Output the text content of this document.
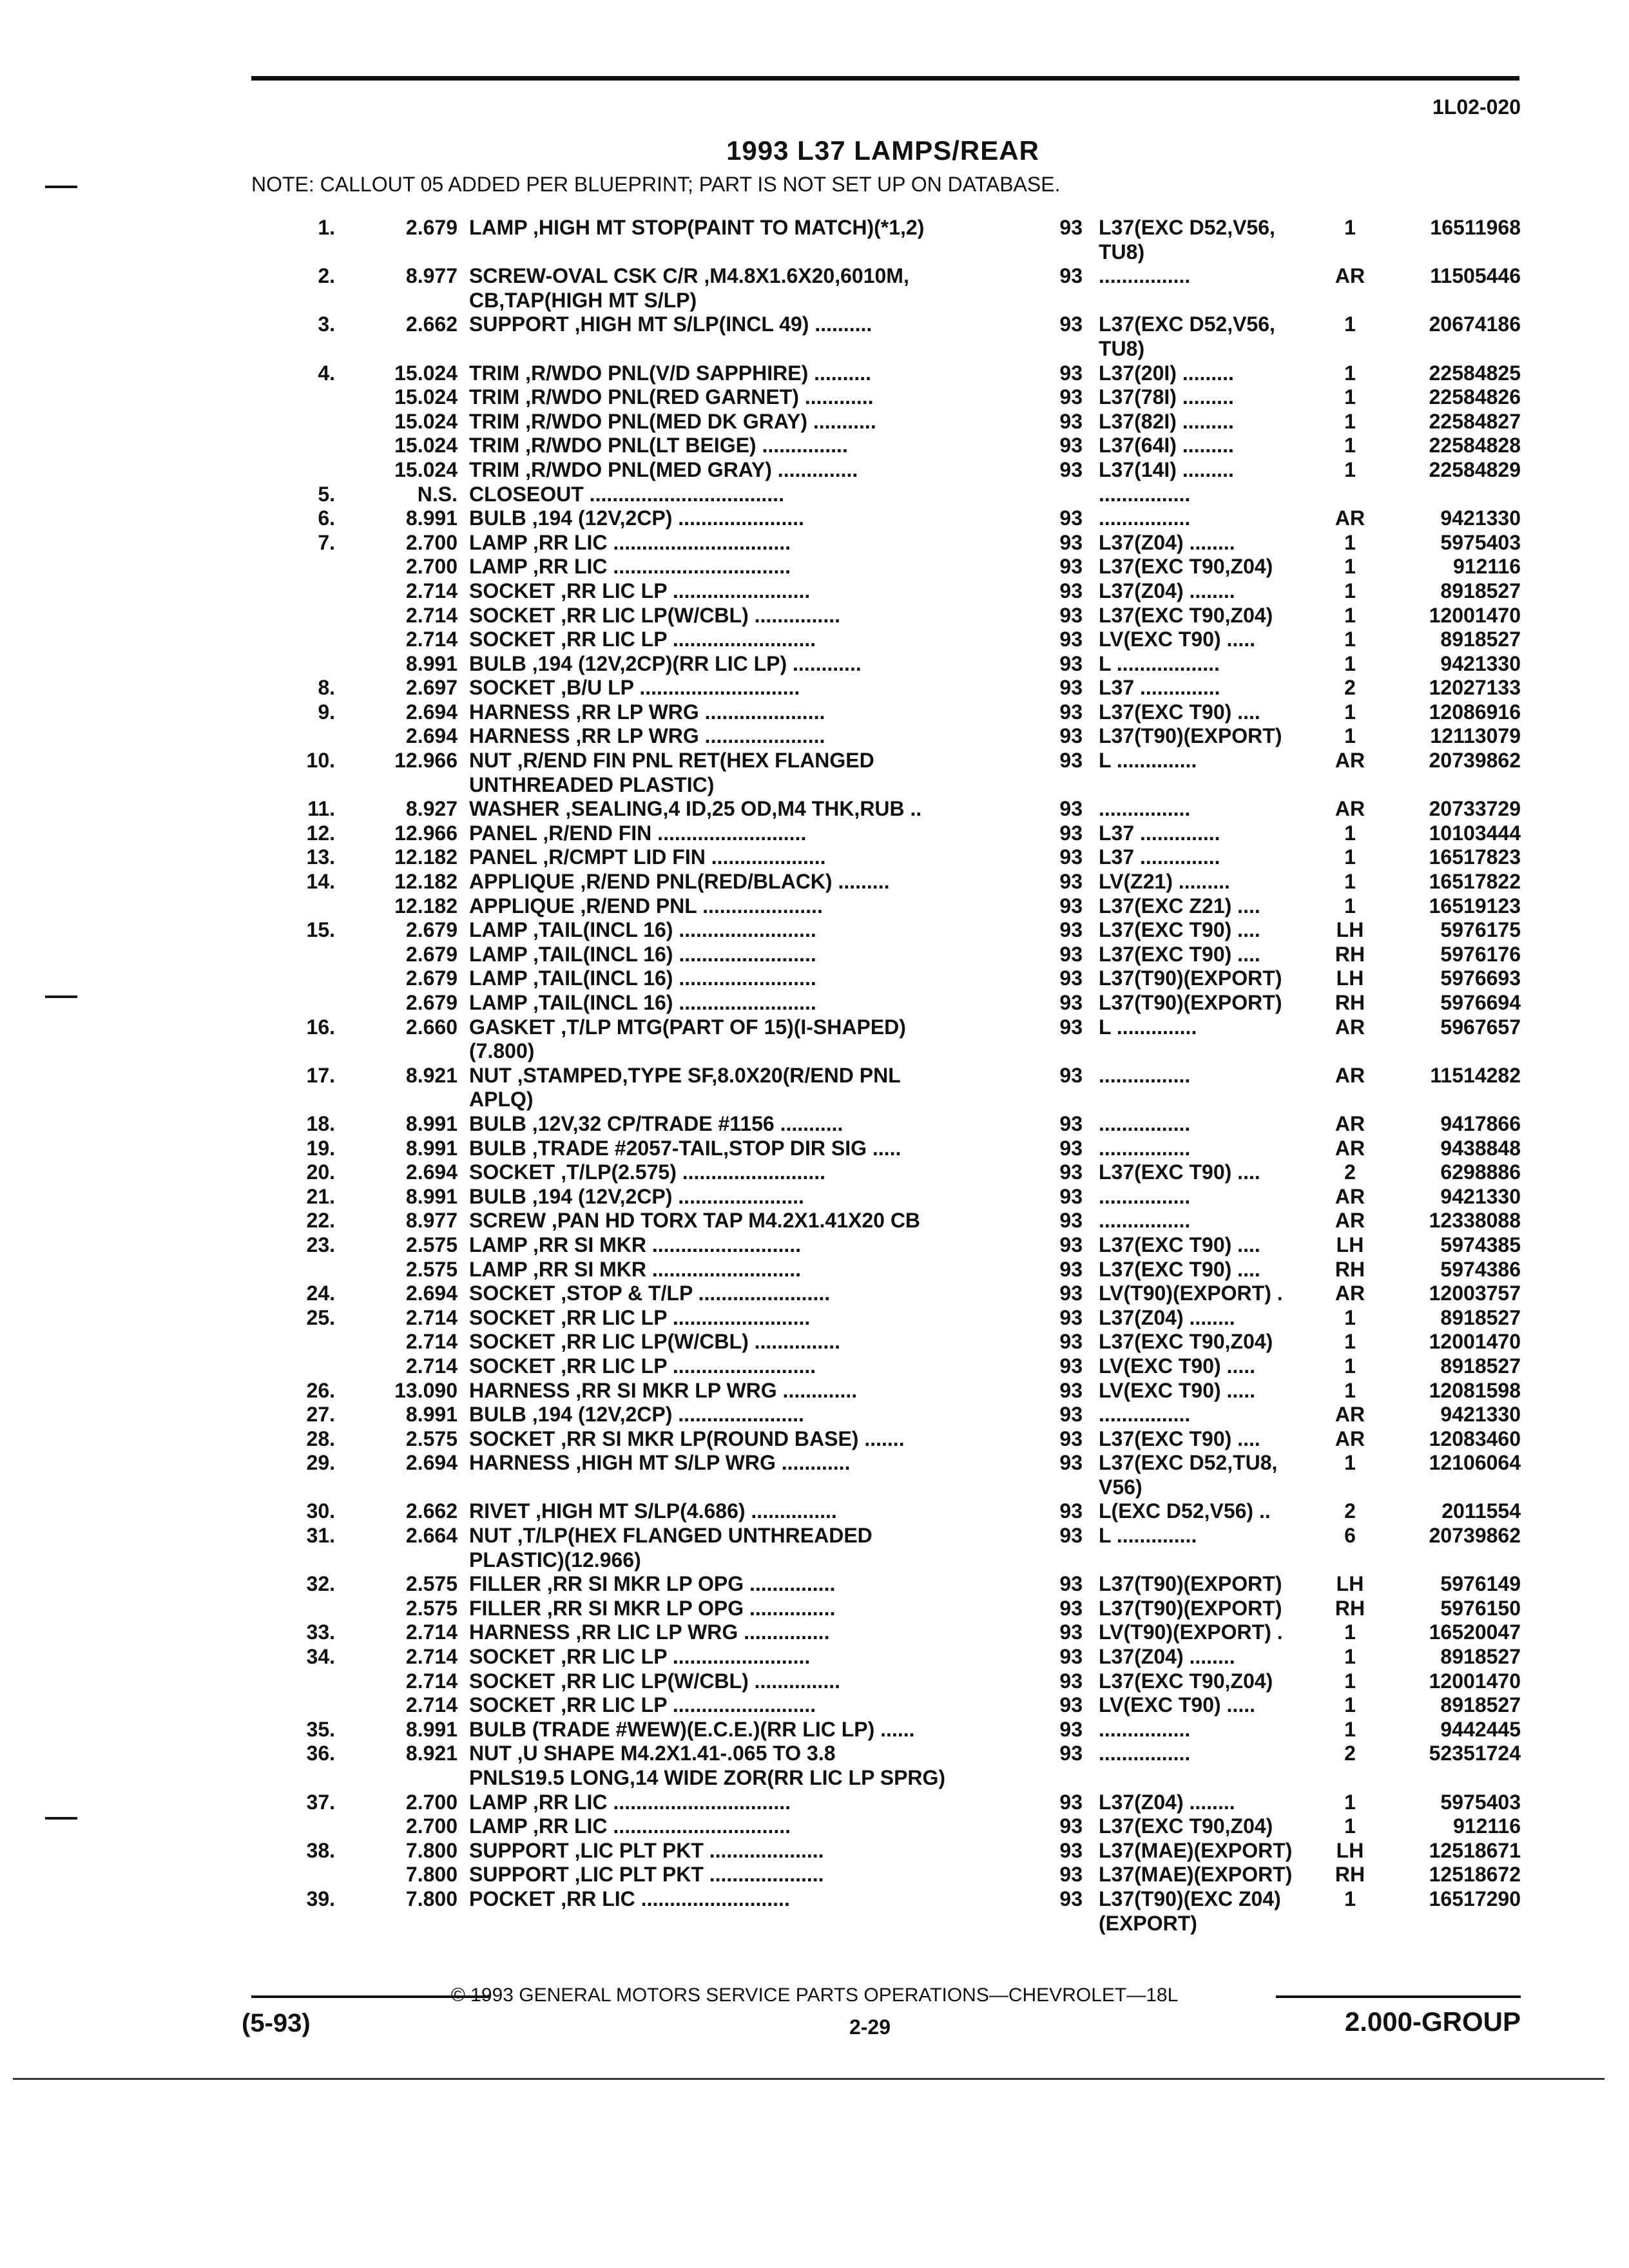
1L02-020
1993 L37 LAMPS/REAR
NOTE: CALLOUT 05 ADDED PER BLUEPRINT; PART IS NOT SET UP ON DATABASE.
1.	2.679 LAMP ,HIGH MT STOP(PAINT TO MATCH)(*1,2)	93 L37(EXC D52,V56,	1	16511968
TU8)
2.	8.977 SCREW-OVAL CSK C/R ,M4.8X1.6X20,6010M,	93 ................	AR	11505446
CB,TAP(HIGH MT S/LP)
3.	2.662 SUPPORT ,HIGH MT S/LP(INCL 49) ..........	93 L37(EXC D52,V56,	1	20674186
TU8)
4.	15.024 TRIM ,R/WDO PNL(V/D SAPPHIRE) ..........	93 L37(20I) .........	1	22584825
15.024 TRIM ,R/WDO PNL(RED GARNET) ............	93 L37(78I) .........	1	22584826
15.024 TRIM ,R/WDO PNL(MED DK GRAY) ...........	93 L37(82I) .........	1	22584827
15.024 TRIM ,R/WDO PNL(LT BEIGE) ...............	93 L37(64I) .........	1	22584828
15.024 TRIM ,R/WDO PNL(MED GRAY) ..............	93 L37(14I) .........	1	22584829
5.	N.S. CLOSEOUT ..................................	................
6.	8.991 BULB ,194 (12V,2CP) ......................	93 ................	AR	9421330
7.	2.700 LAMP ,RR LIC ...............................	93 L37(Z04) ........	1	5975403
2.700 LAMP ,RR LIC ...............................	93 L37(EXC T90,Z04)	1	912116
2.714 SOCKET ,RR LIC LP ........................	93 L37(Z04) ........	1	8918527
2.714 SOCKET ,RR LIC LP(W/CBL) ...............	93 L37(EXC T90,Z04)	1	12001470
2.714 SOCKET ,RR LIC LP .........................	93 LV(EXC T90) .....	1	8918527
8.991 BULB ,194 (12V,2CP)(RR LIC LP) ............	93 L ..................	1	9421330
8.	2.697 SOCKET ,B/U LP ............................	93 L37 ..............	2	12027133
9.	2.694 HARNESS ,RR LP WRG .....................	93 L37(EXC T90) ....	1	12086916
2.694 HARNESS ,RR LP WRG .....................	93 L37(T90)(EXPORT)	1	12113079
10.	12.966 NUT ,R/END FIN PNL RET(HEX FLANGED	93 L ..............	AR	20739862
UNTHREADED PLASTIC)
11.	8.927 WASHER ,SEALING,4 ID,25 OD,M4 THK,RUB ..	93 ................	AR	20733729
12.	12.966 PANEL ,R/END FIN ..........................	93 L37 ..............	1	10103444
13.	12.182 PANEL ,R/CMPT LID FIN ....................	93 L37 ..............	1	16517823
14.	12.182 APPLIQUE ,R/END PNL(RED/BLACK) .........	93 LV(Z21) .........	1	16517822
12.182 APPLIQUE ,R/END PNL .....................	93 L37(EXC Z21) ....	1	16519123
15.	2.679 LAMP ,TAIL(INCL 16) ........................	93 L37(EXC T90) ....	LH	5976175
2.679 LAMP ,TAIL(INCL 16) ........................	93 L37(EXC T90) ....	RH	5976176
2.679 LAMP ,TAIL(INCL 16) ........................	93 L37(T90)(EXPORT)	LH	5976693
2.679 LAMP ,TAIL(INCL 16) ........................	93 L37(T90)(EXPORT)	RH	5976694
16.	2.660 GASKET ,T/LP MTG(PART OF 15)(I-SHAPED)	93 L ..............	AR	5967657
(7.800)
17.	8.921 NUT ,STAMPED,TYPE SF,8.0X20(R/END PNL	93 ................	AR	11514282
APLQ)
18.	8.991 BULB ,12V,32 CP/TRADE #1156 ...........	93 ................	AR	9417866
19.	8.991 BULB ,TRADE #2057-TAIL,STOP DIR SIG .....	93 ................	AR	9438848
20.	2.694 SOCKET ,T/LP(2.575) .........................	93 L37(EXC T90) ....	2	6298886
21.	8.991 BULB ,194 (12V,2CP) ......................	93 ................	AR	9421330
22.	8.977 SCREW ,PAN HD TORX TAP M4.2X1.41X20 CB	93 ................	AR	12338088
23.	2.575 LAMP ,RR SI MKR ..........................	93 L37(EXC T90) ....	LH	5974385
2.575 LAMP ,RR SI MKR ..........................	93 L37(EXC T90) ....	RH	5974386
24.	2.694 SOCKET ,STOP & T/LP .......................	93 LV(T90)(EXPORT) .	AR	12003757
25.	2.714 SOCKET ,RR LIC LP ........................	93 L37(Z04) ........	1	8918527
2.714 SOCKET ,RR LIC LP(W/CBL) ...............	93 L37(EXC T90,Z04)	1	12001470
2.714 SOCKET ,RR LIC LP .........................	93 LV(EXC T90) .....	1	8918527
26.	13.090 HARNESS ,RR SI MKR LP WRG .............	93 LV(EXC T90) .....	1	12081598
27.	8.991 BULB ,194 (12V,2CP) ......................	93 ................	AR	9421330
28.	2.575 SOCKET ,RR SI MKR LP(ROUND BASE) .......	93 L37(EXC T90) ....	AR	12083460
29.	2.694 HARNESS ,HIGH MT S/LP WRG ............	93 L37(EXC D52,TU8,	1	12106064
V56)
30.	2.662 RIVET ,HIGH MT S/LP(4.686) ...............	93 L(EXC D52,V56) ..	2	2011554
31.	2.664 NUT ,T/LP(HEX FLANGED UNTHREADED	93 L ..............	6	20739862
PLASTIC)(12.966)
32.	2.575 FILLER ,RR SI MKR LP OPG ...............	93 L37(T90)(EXPORT)	LH	5976149
2.575 FILLER ,RR SI MKR LP OPG ...............	93 L37(T90)(EXPORT)	RH	5976150
33.	2.714 HARNESS ,RR LIC LP WRG ...............	93 LV(T90)(EXPORT) .	1	16520047
34.	2.714 SOCKET ,RR LIC LP ........................	93 L37(Z04) ........	1	8918527
2.714 SOCKET ,RR LIC LP(W/CBL) ...............	93 L37(EXC T90,Z04)	1	12001470
2.714 SOCKET ,RR LIC LP .........................	93 LV(EXC T90) .....	1	8918527
35.	8.991 BULB (TRADE #WEW)(E.C.E.)(RR LIC LP) ......	93 ................	1	9442445
36.	8.921 NUT ,U SHAPE M4.2X1.41-.065 TO 3.8	93 ................	2	52351724
PNLS19.5 LONG,14 WIDE ZOR(RR LIC LP SPRG)
37.	2.700 LAMP ,RR LIC ...............................	93 L37(Z04) ........	1	5975403
2.700 LAMP ,RR LIC ...............................	93 L37(EXC T90,Z04)	1	912116
38.	7.800 SUPPORT ,LIC PLT PKT ....................	93 L37(MAE)(EXPORT)	LH	12518671
7.800 SUPPORT ,LIC PLT PKT ....................	93 L37(MAE)(EXPORT)	RH	12518672
39.	7.800 POCKET ,RR LIC ..........................	93 L37(T90)(EXC Z04)	1	16517290
(EXPORT)
© 1993 GENERAL MOTORS SERVICE PARTS OPERATIONS—CHEVROLET—18L
(5-93)	2-29	2.000-GROUP
